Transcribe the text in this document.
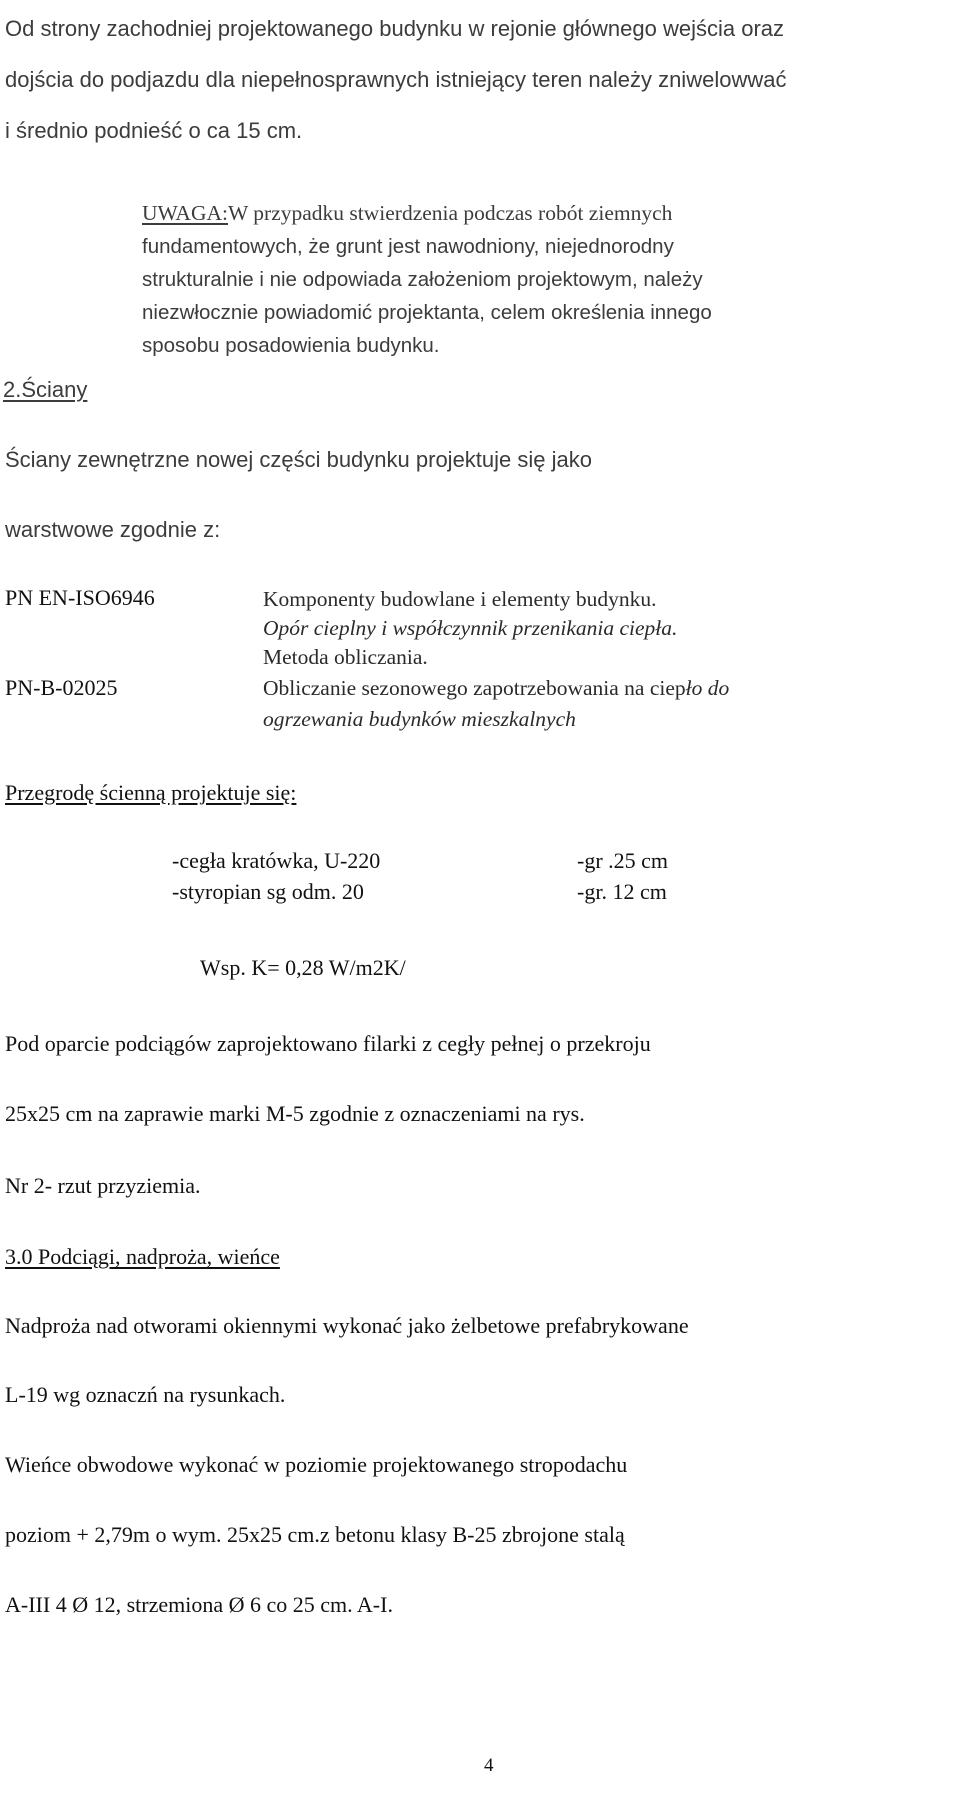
Od strony zachodniej projektowanego budynku w rejonie głównego wejścia oraz
dojścia do podjazdu dla niepełnosprawnych istniejący teren należy zniwelowwać
i średnio podnieść o ca 15 cm.
UWAGA:W przypadku stwierdzenia podczas robót ziemnych
fundamentowych, że grunt jest nawodniony, niejednorodny
strukturalnie i nie odpowiada założeniom projektowym, należy
niezwłocznie powiadomić projektanta, celem określenia innego
sposobu posadowienia budynku.
2.Ściany
Ściany zewnętrzne nowej części budynku projektuje się jako
warstwowe zgodnie z:
PN EN-ISO6946	Komponenty budowlane i elementy budynku.
Opór cieplny i współczynnik przenikania ciepła.
Metoda obliczania.
PN-B-02025	Obliczanie sezonowego zapotrzebowania na ciepło do
ogrzewania budynków mieszkalnych
Przegrodę ścienną projektuje się:
-cegła kratówka, U-220	-gr .25 cm
-styropian sg odm. 20	-gr. 12 cm
Wsp. K= 0,28 W/m2K/
Pod oparcie podciągów zaprojektowano filarki z cegły pełnej o przekroju
25x25 cm na zaprawie marki M-5 zgodnie z oznaczeniami na rys.
Nr 2- rzut przyziemia.
3.0 Podciągi, nadproża, wieńce
Nadproża nad otworami okiennymi wykonać jako żelbetowe prefabrykowane
L-19 wg oznaczń na rysunkach.
Wieńce obwodowe wykonać w poziomie projektowanego stropodachu
poziom + 2,79m o wym. 25x25 cm.z betonu klasy B-25 zbrojone stalą
A-III 4 Ø 12, strzemiona Ø 6 co 25 cm. A-I.
4
